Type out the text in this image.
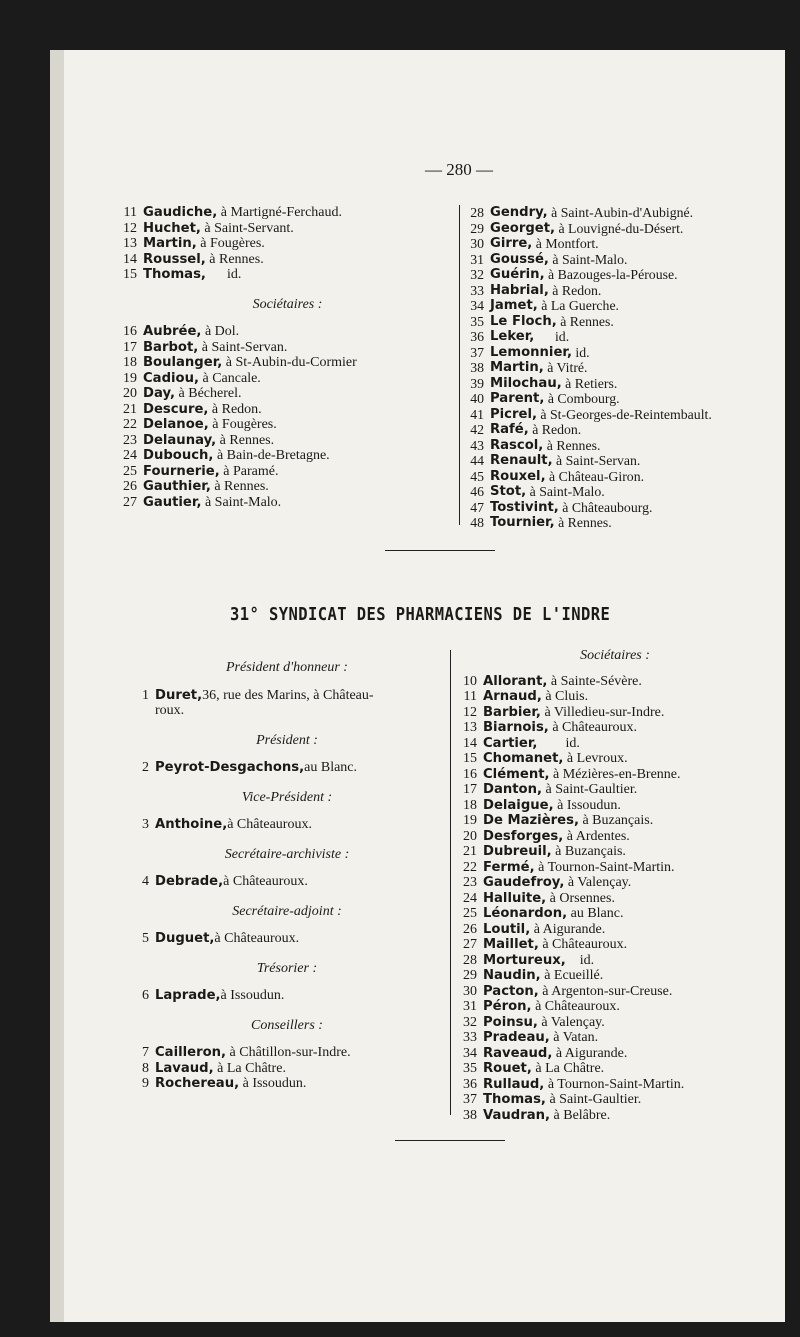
— 280 —
11 Gaudiche, à Martigné-Ferchaud.
12 Huchet, à Saint-Servant.
13 Martin, à Fougères.
14 Roussel, à Rennes.
15 Thomas, id.
Sociétaires :
16 Aubrée, à Dol.
17 Barbot, à Saint-Servan.
18 Boulanger, à St-Aubin-du-Cormier
19 Cadiou, à Cancale.
20 Day, à Bécherel.
21 Descure, à Redon.
22 Delanoe, à Fougères.
23 Delaunay, à Rennes.
24 Dubouch, à Bain-de-Bretagne.
25 Fournerie, à Paramé.
26 Gauthier, à Rennes.
27 Gautier, à Saint-Malo.
28 Gendry, à Saint-Aubin-d'Aubigné.
29 Georget, à Louvigné-du-Désert.
30 Girre, à Montfort.
31 Goussé, à Saint-Malo.
32 Guérin, à Bazouges-la-Pérouse.
33 Habrial, à Redon.
34 Jamet, à La Guerche.
35 Le Floch, à Rennes.
36 Leker, id.
37 Lemonnier, id.
38 Martin, à Vitré.
39 Milochau, à Retiers.
40 Parent, à Combourg.
41 Picrel, à St-Georges-de-Reintembault.
42 Rafé, à Redon.
43 Rascol, à Rennes.
44 Renault, à Saint-Servan.
45 Rouxel, à Château-Giron.
46 Stot, à Saint-Malo.
47 Tostivint, à Châteaubourg.
48 Tournier, à Rennes.
31° SYNDICAT DES PHARMACIENS DE L'INDRE
Président d'honneur :
1 Duret, 36, rue des Marins, à Château-
roux.
Président :
2 Peyrot-Desgachons, au Blanc.
Vice-Président :
3 Anthoine, à Châteauroux.
Secrétaire-archiviste :
4 Debrade, à Châteauroux.
Secrétaire-adjoint :
5 Duguet, à Châteauroux.
Trésorier :
6 Laprade, à Issoudun.
Conseillers :
7 Cailleron, à Châtillon-sur-Indre.
8 Lavaud, à La Châtre.
9 Rochereau, à Issoudun.
Sociétaires :
10 Allorant, à Sainte-Sévère.
11 Arnaud, à Cluis.
12 Barbier, à Villedieu-sur-Indre.
13 Biarnois, à Châteauroux.
14 Cartier, id.
15 Chomanet, à Levroux.
16 Clément, à Mézières-en-Brenne.
17 Danton, à Saint-Gaultier.
18 Delaigue, à Issoudun.
19 De Mazières, à Buzançais.
20 Desforges, à Ardentes.
21 Dubreuil, à Buzançais.
22 Fermé, à Tournon-Saint-Martin.
23 Gaudefroy, à Valençay.
24 Halluite, à Orsennes.
25 Léonardon, au Blanc.
26 Loutil, à Aigurande.
27 Maillet, à Châteauroux.
28 Mortureux, id.
29 Naudin, à Ecueillé.
30 Pacton, à Argenton-sur-Creuse.
31 Péron, à Châteauroux.
32 Poinsu, à Valençay.
33 Pradeau, à Vatan.
34 Raveaud, à Aigurande.
35 Rouet, à La Châtre.
36 Rullaud, à Tournon-Saint-Martin.
37 Thomas, à Saint-Gaultier.
38 Vaudran, à Belâbre.
